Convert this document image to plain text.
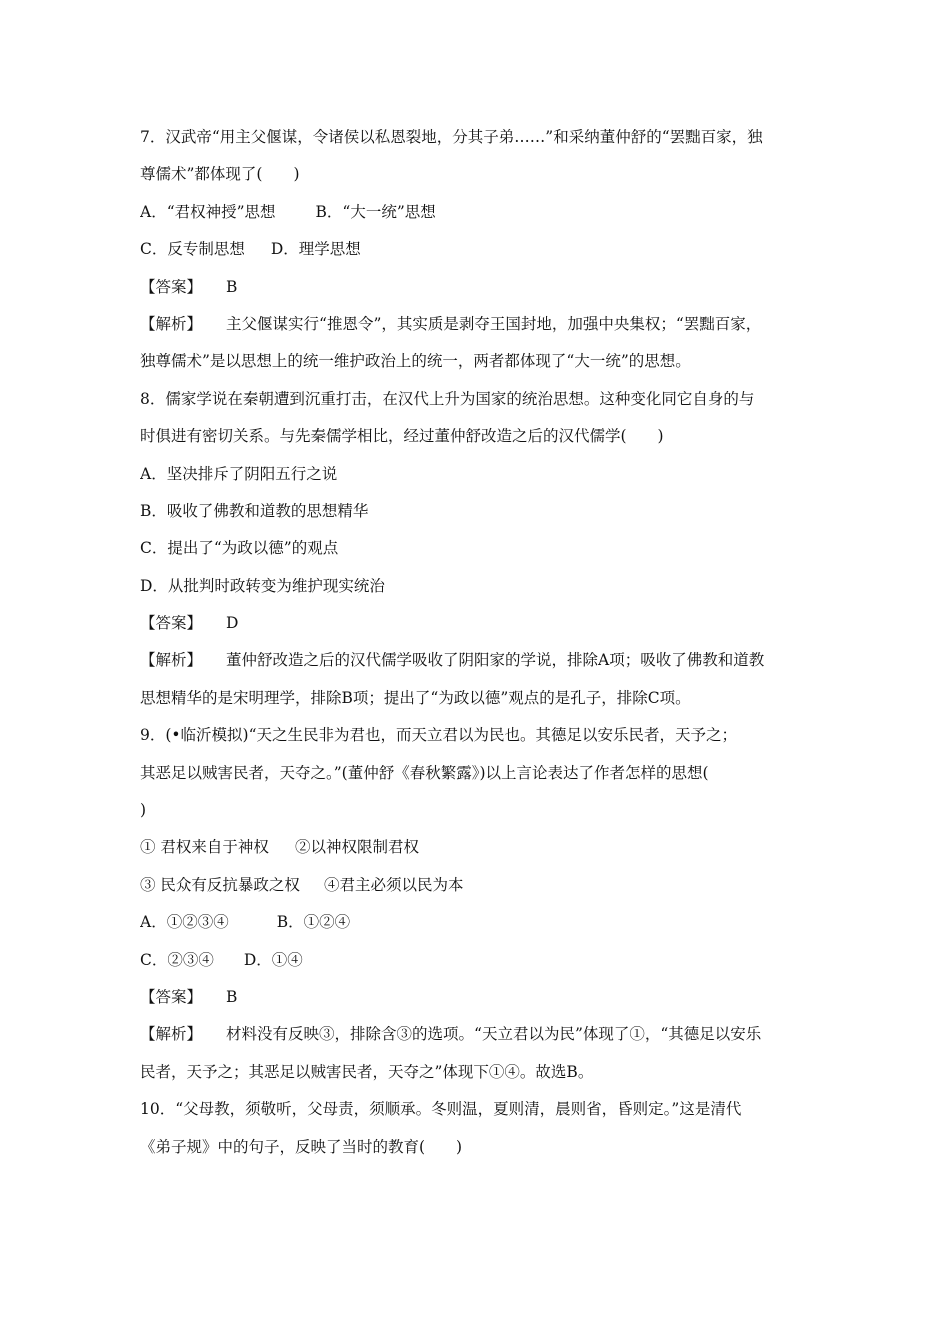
7．汉武帝“用主父偃谋，令诸侯以私恩裂地，分其子弟……”和采纳董仲舒的“罢黜百家，独
尊儒术”都体现了(　　)
A．“君权神授”思想	B．“大一统”思想
C．反专制思想 D．理学思想
【答案】 B
【解析】 主父偃谋实行“推恩令”，其实质是剥夺王国封地，加强中央集权；“罢黜百家，
独尊儒术”是以思想上的统一维护政治上的统一，两者都体现了“大一统”的思想。
8．儒家学说在秦朝遭到沉重打击，在汉代上升为国家的统治思想。这种变化同它自身的与
时俱进有密切关系。与先秦儒学相比，经过董仲舒改造之后的汉代儒学(　　)
A．坚决排斥了阴阳五行之说
B．吸收了佛教和道教的思想精华
C．提出了“为政以德”的观点
D．从批判时政转变为维护现实统治
【答案】 D
【解析】 董仲舒改造之后的汉代儒学吸收了阴阳家的学说，排除A项；吸收了佛教和道教
思想精华的是宋明理学，排除B项；提出了“为政以德”观点的是孔子，排除C项。
9．(•临沂模拟)“天之生民非为君也，而天立君以为民也。其德足以安乐民者，天予之；
其恶足以贼害民者，天夺之。”(董仲舒《春秋繁露》)以上言论表达了作者怎样的思想(
)
① 君权来自于神权 ②以神权限制君权
③ 民众有反抗暴政之权 ④君主必须以民为本
A．①②③④	B．①②④
C．②③④ D．①④
【答案】 B
【解析】 材料没有反映③，排除含③的选项。“天立君以为民”体现了①，“其德足以安乐
民者，天予之；其恶足以贼害民者，天夺之”体现下①④。故选B。
10．“父母教，须敬听，父母责，须顺承。冬则温，夏则清，晨则省，昏则定。”这是清代
《弟子规》中的句子，反映了当时的教育(　　)
